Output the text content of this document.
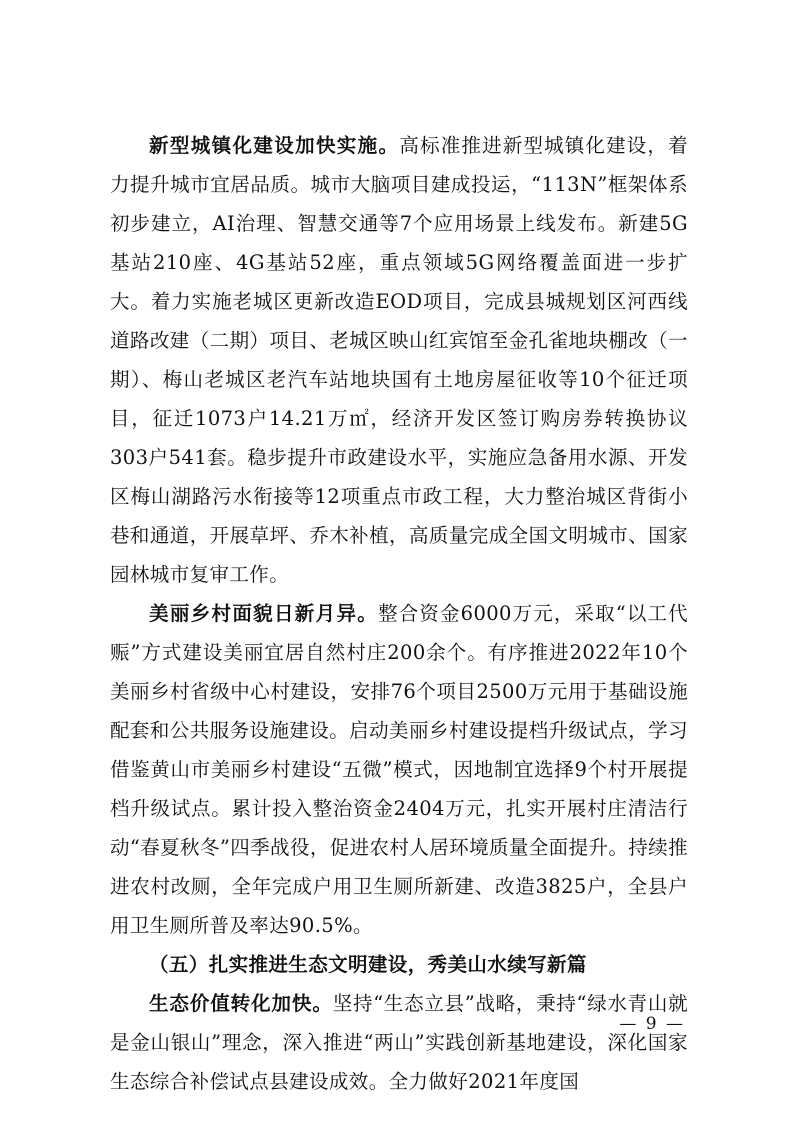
新型城镇化建设加快实施。高标准推进新型城镇化建设，着力提升城市宜居品质。城市大脑项目建成投运，“113N”框架体系初步建立，AI治理、智慧交通等7个应用场景上线发布。新建5G基站210座、4G基站52座，重点领域5G网络覆盖面进一步扩大。着力实施老城区更新改造EOD项目，完成县城规划区河西线道路改建（二期）项目、老城区映山红宾馆至金孔雀地块棚改（一期）、梅山老城区老汽车站地块国有土地房屋征收等10个征迁项目，征迁1073户14.21万㎡，经济开发区签订购房券转换协议303户541套。稳步提升市政建设水平，实施应急备用水源、开发区梅山湖路污水衔接等12项重点市政工程，大力整治城区背街小巷和通道，开展草坪、乔木补植，高质量完成全国文明城市、国家园林城市复审工作。

美丽乡村面貌日新月异。整合资金6000万元，采取“以工代赈”方式建设美丽宜居自然村庄200余个。有序推进2022年10个美丽乡村省级中心村建设，安排76个项目2500万元用于基础设施配套和公共服务设施建设。启动美丽乡村建设提档升级试点，学习借鉴黄山市美丽乡村建设“五微”模式，因地制宜选择9个村开展提档升级试点。累计投入整治资金2404万元，扎实开展村庄清洁行动“春夏秋冬”四季战役，促进农村人居环境质量全面提升。持续推进农村改厕，全年完成户用卫生厕所新建、改造3825户，全县户用卫生厕所普及率达90.5%。

（五）扎实推进生态文明建设，秀美山水续写新篇

生态价值转化加快。坚持“生态立县”战略，秉持“绿水青山就是金山银山”理念，深入推进“两山”实践创新基地建设，深化国家生态综合补偿试点县建设成效。全力做好2021年度国

— 9 —
